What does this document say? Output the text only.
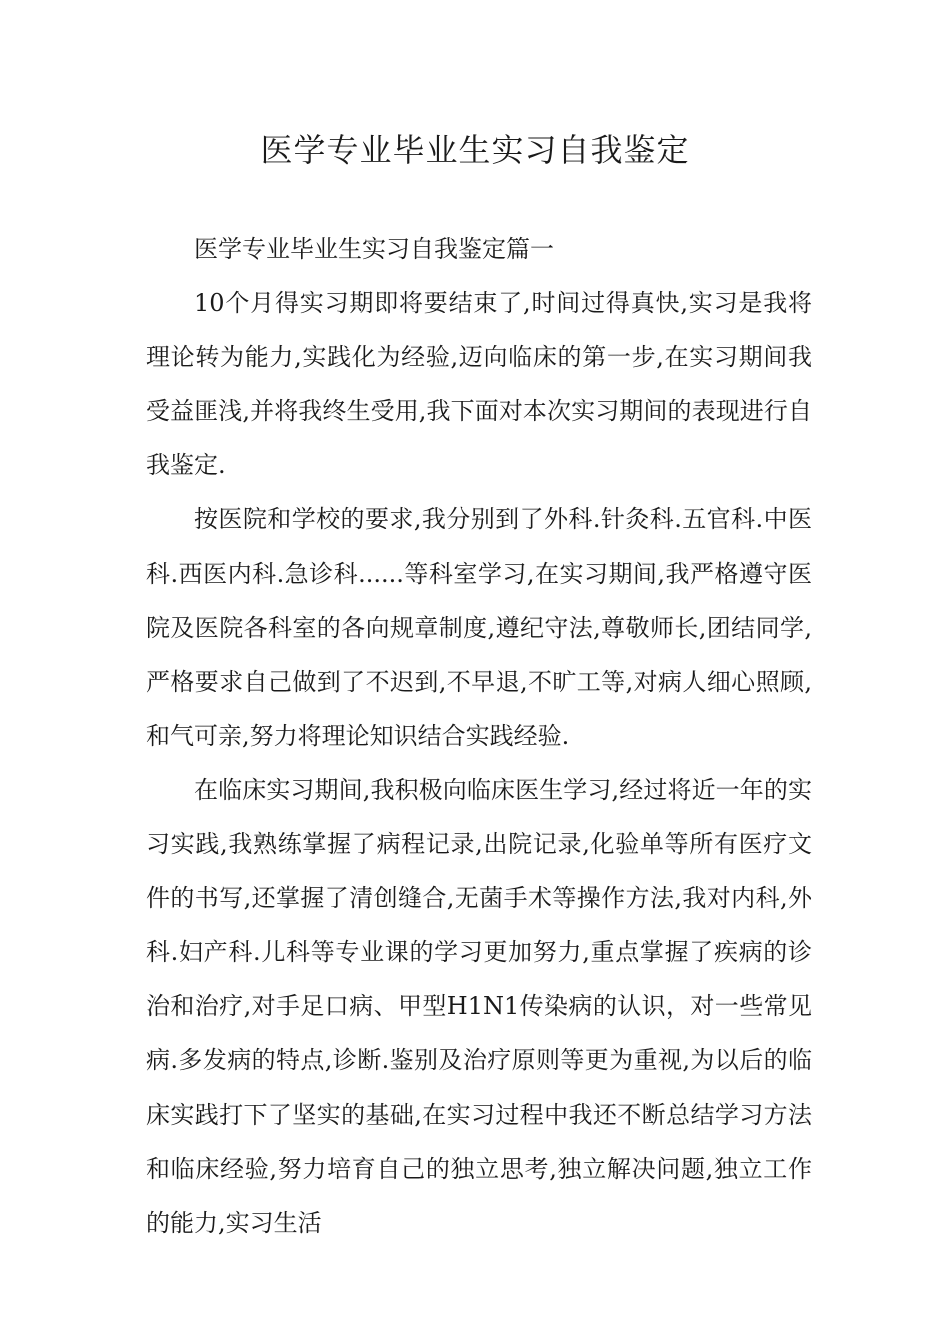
医学专业毕业生实习自我鉴定

医学专业毕业生实习自我鉴定篇一

10个月得实习期即将要结束了,时间过得真快,实习是我将理论转为能力,实践化为经验,迈向临床的第一步,在实习期间我受益匪浅,并将我终生受用,我下面对本次实习期间的表现进行自我鉴定.

按医院和学校的要求,我分别到了外科.针灸科.五官科.中医科.西医内科.急诊科......等科室学习,在实习期间,我严格遵守医院及医院各科室的各向规章制度,遵纪守法,尊敬师长,团结同学,严格要求自己做到了不迟到,不早退,不旷工等,对病人细心照顾,和气可亲,努力将理论知识结合实践经验.

在临床实习期间,我积极向临床医生学习,经过将近一年的实习实践,我熟练掌握了病程记录,出院记录,化验单等所有医疗文件的书写,还掌握了清创缝合,无菌手术等操作方法,我对内科,外科.妇产科.儿科等专业课的学习更加努力,重点掌握了疾病的诊治和治疗,对手足口病、甲型H1N1传染病的认识，对一些常见病.多发病的特点,诊断.鉴别及治疗原则等更为重视,为以后的临床实践打下了坚实的基础,在实习过程中我还不断总结学习方法和临床经验,努力培育自己的独立思考,独立解决问题,独立工作的能力,实习生活
